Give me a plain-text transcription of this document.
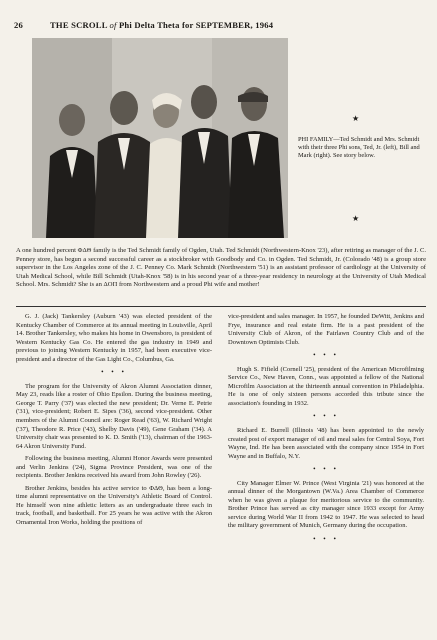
26	THE SCROLL of Phi Delta Theta for SEPTEMBER, 1964
PHI FAMILY—Ted Schmidt and Mrs. Schmidt with their three Phi sons, Ted, Jr. (left), Bill and Mark (right). See story below.
★
★
A one hundred percent ΦΔΘ family is the Ted Schmidt family of Ogden, Utah. Ted Schmidt (Northwestern-Knox '23), after retiring as manager of the J. C. Penney store, has begun a second successful career as a stockbroker with Goodbody and Co. in Ogden. Ted Schmidt, Jr. (Colorado '48) is a group store supervisor in the Los Angeles zone of the J. C. Penney Co. Mark Schmidt (Northwestern '51) is an assistant professor of cardiology at the University of Utah Medical School, while Bill Schmidt (Utah-Knox '58) is in his second year of a three-year residency in neurology at the University of Utah Medical School. Mrs. Schmidt? She is an ΔOΠ from Northwestern and a proud Phi wife and mother!

G. J. (Jack) Tankersley (Auburn '43) was elected president of the Kentucky Chamber of Commerce at its annual meeting in Louisville, April 14. Brother Tankersley, who makes his home in Owensboro, is president of Western Kentucky Gas Co. He entered the gas industry in 1949 and previous to joining Western Kentucky in 1957, had been executive vice-president and a director of the Gas Light Co., Columbus, Ga.

• • •

The program for the University of Akron Alumni Association dinner, May 23, reads like a roster of Ohio Epsilon. During the business meeting, George T. Parry ('37) was elected the new president; Dr. Verne E. Petrie ('31), vice-president; Robert E. Sipes ('36), second vice-president. Other members of the Alumni Council are: Roger Read ('63), W. Richard Wright ('37), Theodore R. Price ('43), Shelby Davis ('49), Gene Graham ('34). A University chair was presented to K. D. Smith ('13), chairman of the 1963-64 Akron University Fund.

Following the business meeting, Alumni Honor Awards were presented and Verlin Jenkins ('24), Sigma Province President, was one of the recipients. Brother Jenkins received his award from John Rowley ('26).

Brother Jenkins, besides his active service to ΦΔΘ, has been a long-time alumni representative on the University's Athletic Board of Control. He himself won nine athletic letters as an undergraduate three each in track, football, and basketball. For 25 years he was active with the Akron Ornamental Iron Works, holding the positions of

vice-president and sales manager. In 1957, he founded DeWitt, Jenkins and Frye, insurance and real estate firm. He is a past president of the University Club of Akron, of the Fairlawn Country Club and of the Downtown Optimists Club.

• • •

Hugh S. Fifield (Cornell '25), president of the American Microfilming Service Co., New Haven, Conn., was appointed a fellow of the National Microfilm Association at the thirteenth annual convention in Philadelphia. He is one of only sixteen persons accorded this tribute since the association's founding in 1932.

• • •

Richard E. Burrell (Illinois '48) has been appointed to the newly created post of export manager of oil and meal sales for Central Soya, Fort Wayne, Ind. He has been associated with the company since 1954 in Fort Wayne and in Buffalo, N.Y.

• • •

City Manager Elmer W. Prince (West Virginia '21) was honored at the annual dinner of the Morgantown (W.Va.) Area Chamber of Commerce when he was given a plaque for meritorious service to the community. Brother Prince has served as city manager since 1933 except for Army service during World War II from 1942 to 1947. He was selected to head the military government of Munich, Germany during the occupation.

• • •
